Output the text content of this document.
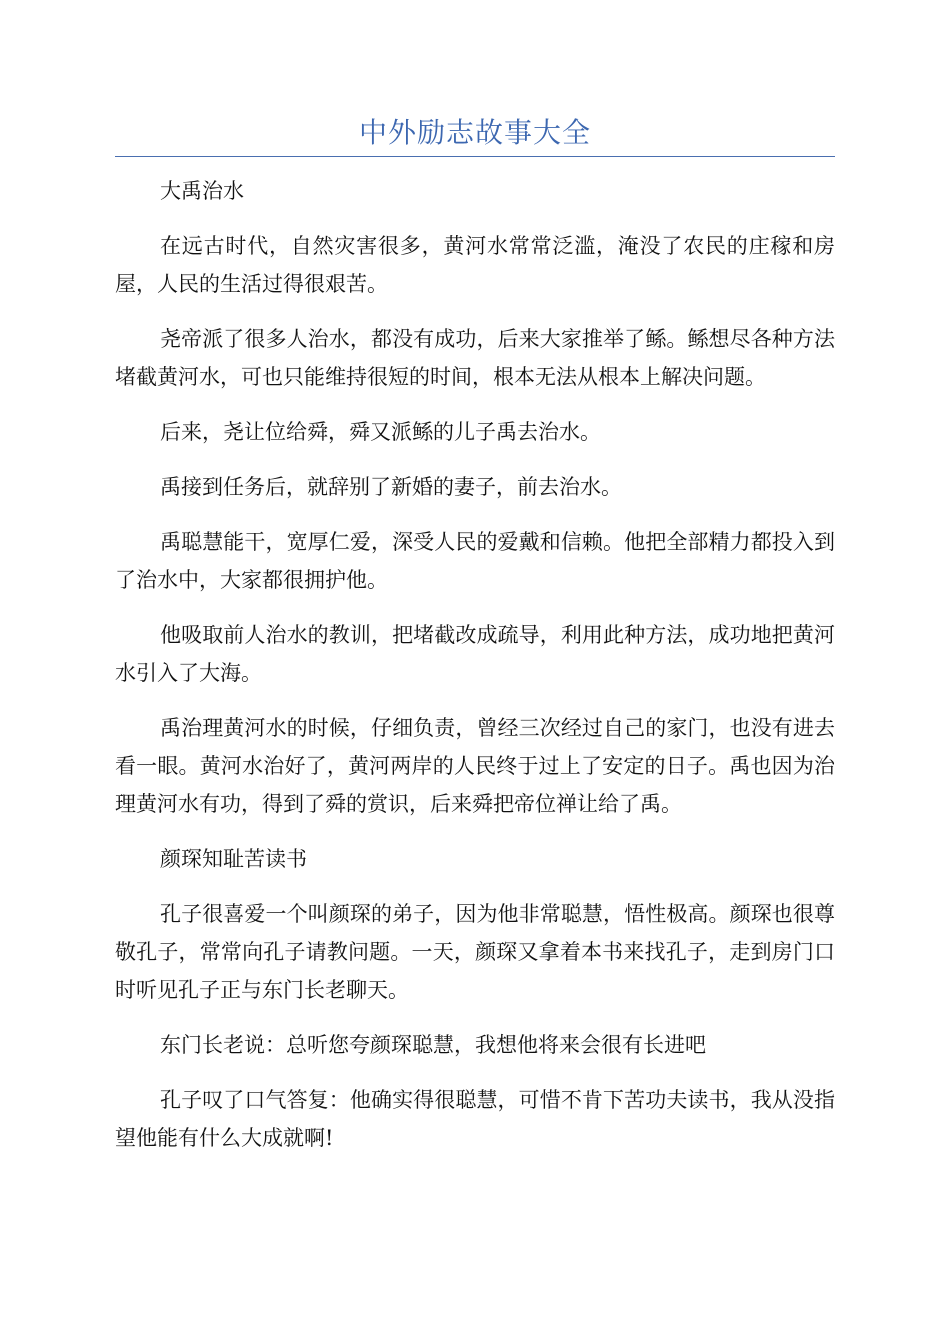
中外励志故事大全

大禹治水

在远古时代，自然灾害很多，黄河水常常泛滥，淹没了农民的庄稼和房屋，人民的生活过得很艰苦。

尧帝派了很多人治水，都没有成功，后来大家推举了鲧。鲧想尽各种方法堵截黄河水，可也只能维持很短的时间，根本无法从根本上解决问题。

后来，尧让位给舜，舜又派鲧的儿子禹去治水。

禹接到任务后，就辞别了新婚的妻子，前去治水。

禹聪慧能干，宽厚仁爱，深受人民的爱戴和信赖。他把全部精力都投入到了治水中，大家都很拥护他。

他吸取前人治水的教训，把堵截改成疏导，利用此种方法，成功地把黄河水引入了大海。

禹治理黄河水的时候，仔细负责，曾经三次经过自己的家门，也没有进去看一眼。黄河水治好了，黄河两岸的人民终于过上了安定的日子。禹也因为治理黄河水有功，得到了舜的赏识，后来舜把帝位禅让给了禹。

颜琛知耻苦读书

孔子很喜爱一个叫颜琛的弟子，因为他非常聪慧，悟性极高。颜琛也很尊敬孔子，常常向孔子请教问题。一天，颜琛又拿着本书来找孔子，走到房门口时听见孔子正与东门长老聊天。

东门长老说：总听您夸颜琛聪慧，我想他将来会很有长进吧

孔子叹了口气答复：他确实得很聪慧，可惜不肯下苦功夫读书，我从没指望他能有什么大成就啊!
